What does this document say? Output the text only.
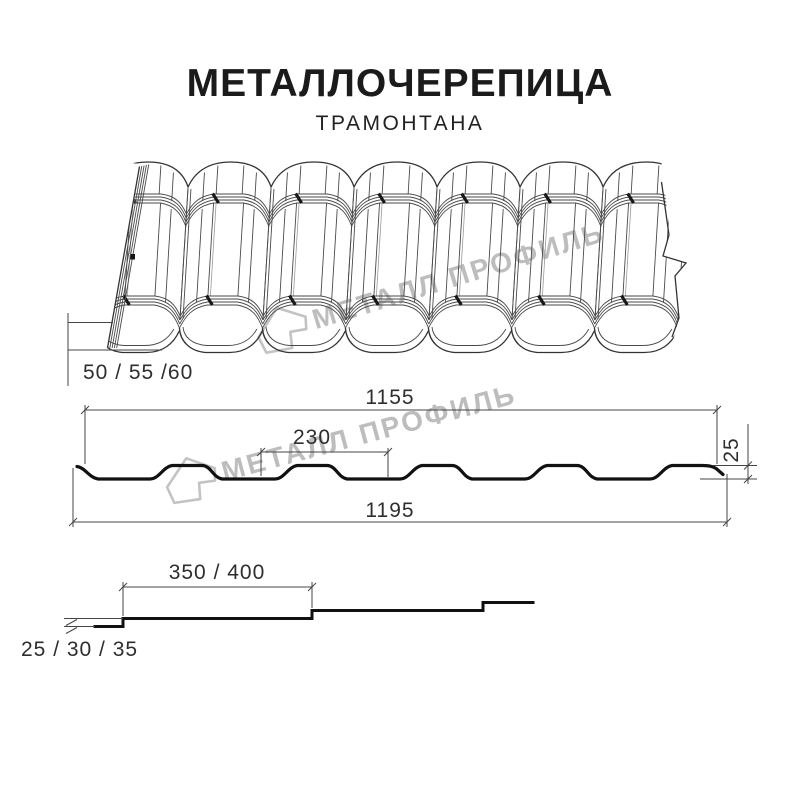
МЕТАЛЛОЧЕРЕПИЦА
ТРАМОНТАНА
50 / 55 /60
1155
230
1195
25
350 / 400
25 / 30 / 35
